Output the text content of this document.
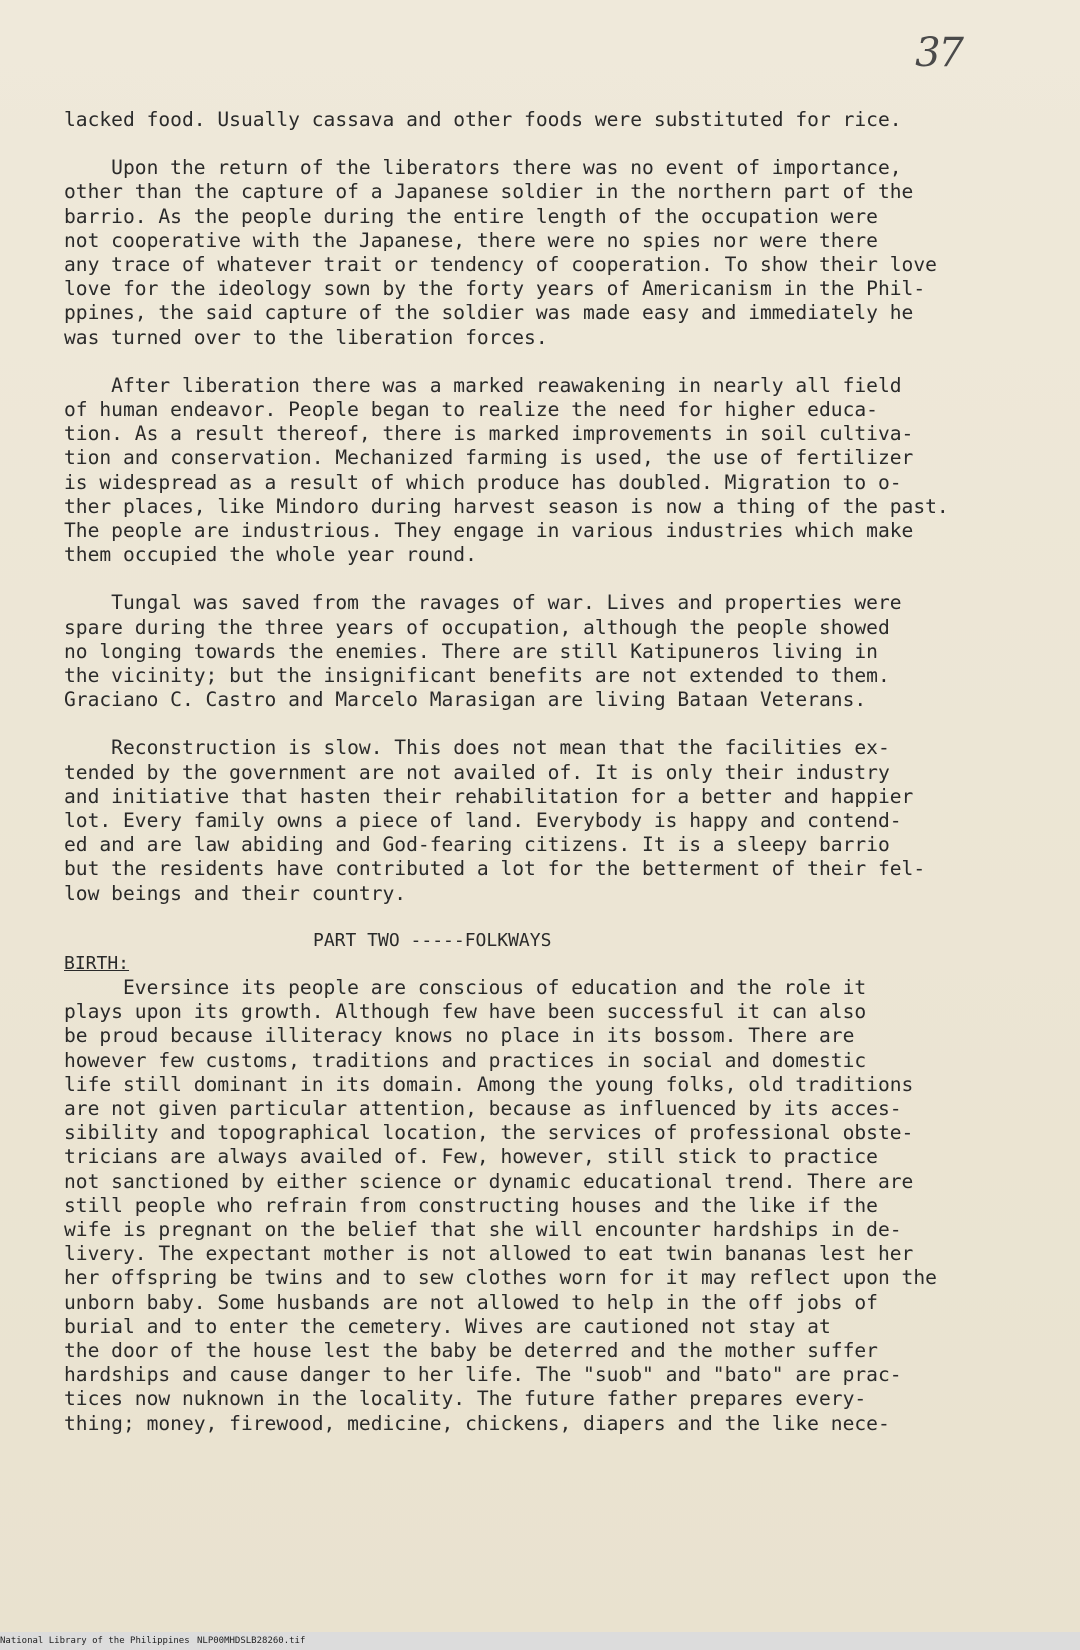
37

lacked food. Usually cassava and other foods were substituted for rice.

Upon the return of the liberators there was no event of importance,
other than the capture of a Japanese soldier in the northern part of the
barrio. As the people during the entire length of the occupation were
not cooperative with the Japanese, there were no spies nor were there
any trace of whatever trait or tendency of cooperation. To show their love
love for the ideology sown by the forty years of Americanism in the Phil-
ppines, the said capture of the soldier was made easy and immediately he
was turned over to the liberation forces.

After liberation there was a marked reawakening in nearly all field
of human endeavor. People began to realize the need for higher educa-
tion. As a result thereof, there is marked improvements in soil cultiva-
tion and conservation. Mechanized farming is used, the use of fertilizer
is widespread as a result of which produce has doubled. Migration to o-
ther places, like Mindoro during harvest season is now a thing of the past.
The people are industrious. They engage in various industries which make
them occupied the whole year round.

Tungal was saved from the ravages of war. Lives and properties were
spare during the three years of occupation, although the people showed
no longing towards the enemies. There are still Katipuneros living in
the vicinity; but the insignificant benefits are not extended to them.
Graciano C. Castro and Marcelo Marasigan are living Bataan Veterans.

Reconstruction is slow. This does not mean that the facilities ex-
tended by the government are not availed of. It is only their industry
and initiative that hasten their rehabilitation for a better and happier
lot. Every family owns a piece of land. Everybody is happy and contend-
ed and are law abiding and God-fearing citizens. It is a sleepy barrio
but the residents have contributed a lot for the betterment of their fel-
low beings and their country.

PART TWO -----FOLKWAYS

BIRTH:

Eversince its people are conscious of education and the role it
plays upon its growth. Although few have been successful it can also
be proud because illiteracy knows no place in its bossom. There are
however few customs, traditions and practices in social and domestic
life still dominant in its domain. Among the young folks, old traditions
are not given particular attention, because as influenced by its acces-
sibility and topographical location, the services of professional obste-
tricians are always availed of. Few, however, still stick to practice
not sanctioned by either science or dynamic educational trend. There are
still people who refrain from constructing houses and the like if the
wife is pregnant on the belief that she will encounter hardships in de-
livery. The expectant mother is not allowed to eat twin bananas lest her
her offspring be twins and to sew clothes worn for it may reflect upon the
unborn baby. Some husbands are not allowed to help in the off jobs of
burial and to enter the cemetery. Wives are cautioned not stay at
the door of the house lest the baby be deterred and the mother suffer
hardships and cause danger to her life. The "suob" and "bato" are prac-
tices now nuknown in the locality. The future father prepares every-
thing; money, firewood, medicine, chickens, diapers and the like nece-

National Library of the Philippines NLP00MHDSLB28260.tif
